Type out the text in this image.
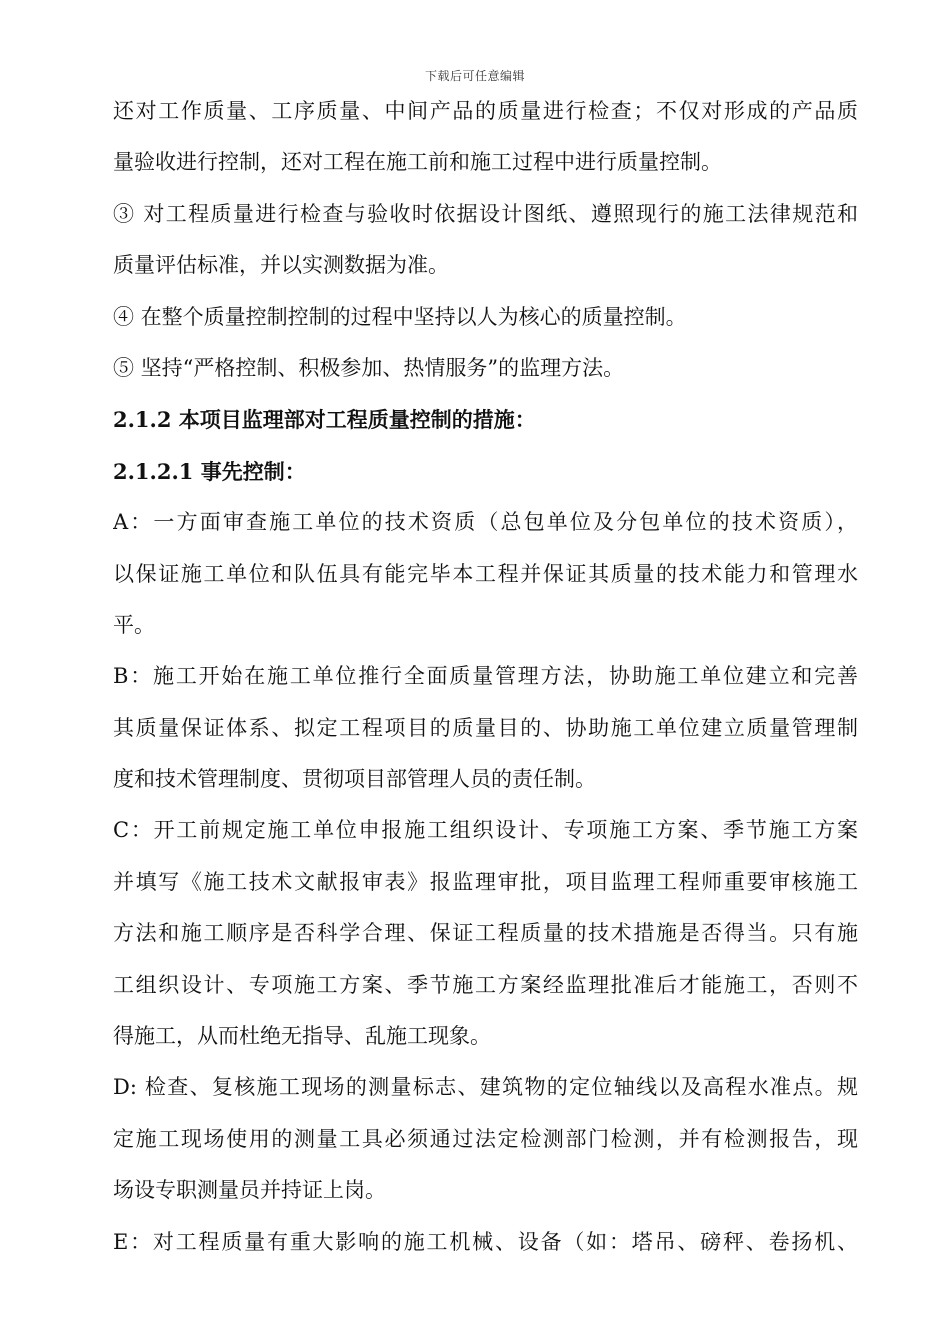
下载后可任意编辑
还对工作质量、工序质量、中间产品的质量进行检查；不仅对形成的产品质
量验收进行控制，还对工程在施工前和施工过程中进行质量控制。
③ 对工程质量进行检查与验收时依据设计图纸、遵照现行的施工法律规范和
质量评估标准，并以实测数据为准。
④ 在整个质量控制控制的过程中坚持以人为核心的质量控制。
⑤ 坚持“严格控制、积极参加、热情服务”的监理方法。
2.1.2 本项目监理部对工程质量控制的措施：
2.1.2.1 事先控制：
A：一方面审查施工单位的技术资质（总包单位及分包单位的技术资质），
以保证施工单位和队伍具有能完毕本工程并保证其质量的技术能力和管理水
平。
B：施工开始在施工单位推行全面质量管理方法，协助施工单位建立和完善
其质量保证体系、拟定工程项目的质量目的、协助施工单位建立质量管理制
度和技术管理制度、贯彻项目部管理人员的责任制。
C：开工前规定施工单位申报施工组织设计、专项施工方案、季节施工方案
并填写《施工技术文献报审表》报监理审批，项目监理工程师重要审核施工
方法和施工顺序是否科学合理、保证工程质量的技术措施是否得当。只有施
工组织设计、专项施工方案、季节施工方案经监理批准后才能施工，否则不
得施工，从而杜绝无指导、乱施工现象。
D: 检查、复核施工现场的测量标志、建筑物的定位轴线以及高程水准点。规
定施工现场使用的测量工具必须通过法定检测部门检测，并有检测报告，现
场设专职测量员并持证上岗。
E：对工程质量有重大影响的施工机械、设备（如：塔吊、磅秤、卷扬机、
